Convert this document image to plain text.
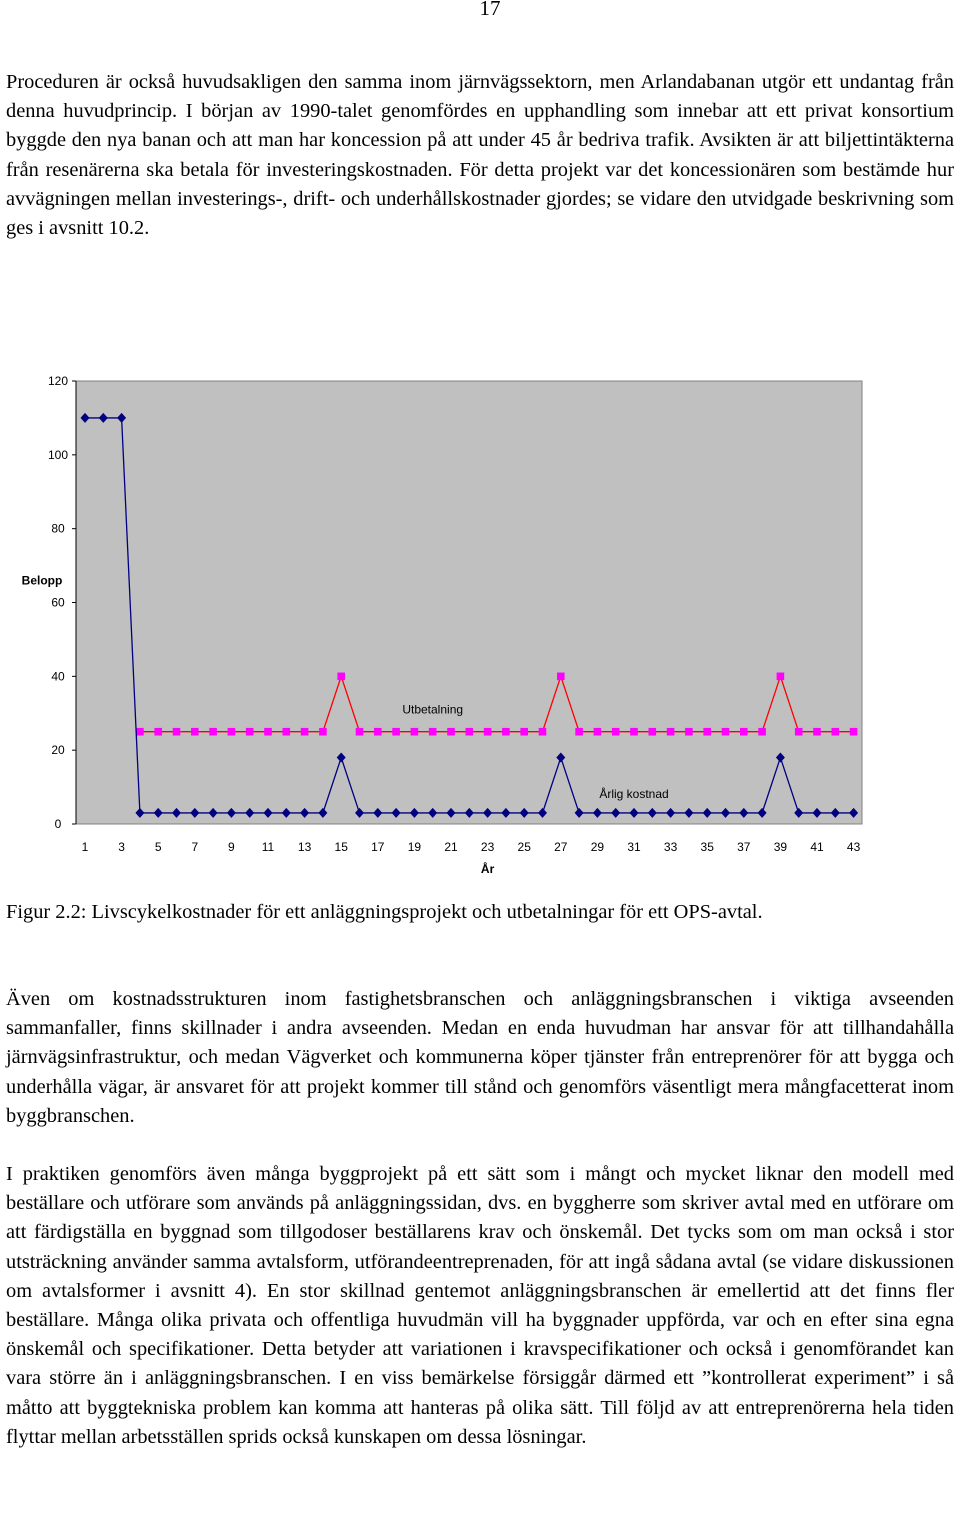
17

Proceduren är också huvudsakligen den samma inom järnvägssektorn, men Arlandabanan utgör ett undantag från denna huvudprincip. I början av 1990-talet genomfördes en upphandling som innebar att ett privat konsortium byggde den nya banan och att man har koncession på att under 45 år bedriva trafik. Avsikten är att biljettintäkterna från resenärerna ska betala för investeringskostnaden. För detta projekt var det koncessionären som bestämde hur avvägningen mellan investerings-, drift- och underhållskostnader gjordes; se vidare den utvidgade beskrivning som ges i avsnitt 10.2.

0
20
40
60
80
100
120
1 3 5 7 9 11 13 15 17 19 21 23 25 27 29 31 33 35 37 39 41 43
Belopp
År
Utbetalning
Årlig kostnad
Figur 2.2: Livscykelkostnader för ett anläggningsprojekt och utbetalningar för ett OPS-avtal.

Även om kostnadsstrukturen inom fastighetsbranschen och anläggningsbranschen i viktiga avseenden sammanfaller, finns skillnader i andra avseenden. Medan en enda huvudman har ansvar för att tillhandahålla järnvägsinfrastruktur, och medan Vägverket och kommunerna köper tjänster från entreprenörer för att bygga och underhålla vägar, är ansvaret för att projekt kommer till stånd och genomförs väsentligt mera mångfacetterat inom byggbranschen.

I praktiken genomförs även många byggprojekt på ett sätt som i mångt och mycket liknar den modell med beställare och utförare som används på anläggningssidan, dvs. en byggherre som skriver avtal med en utförare om att färdigställa en byggnad som tillgodoser beställarens krav och önskemål. Det tycks som om man också i stor utsträckning använder samma avtalsform, utförandeentreprenaden, för att ingå sådana avtal (se vidare diskussionen om avtalsformer i avsnitt 4). En stor skillnad gentemot anläggningsbranschen är emellertid att det finns fler beställare. Många olika privata och offentliga huvudmän vill ha byggnader uppförda, var och en efter sina egna önskemål och specifikationer. Detta betyder att variationen i kravspecifikationer och också i genomförandet kan vara större än i anläggningsbranschen. I en viss bemärkelse försiggår därmed ett ”kontrollerat experiment” i så måtto att byggtekniska problem kan komma att hanteras på olika sätt. Till följd av att entreprenörerna hela tiden flyttar mellan arbetsställen sprids också kunskapen om dessa lösningar.
